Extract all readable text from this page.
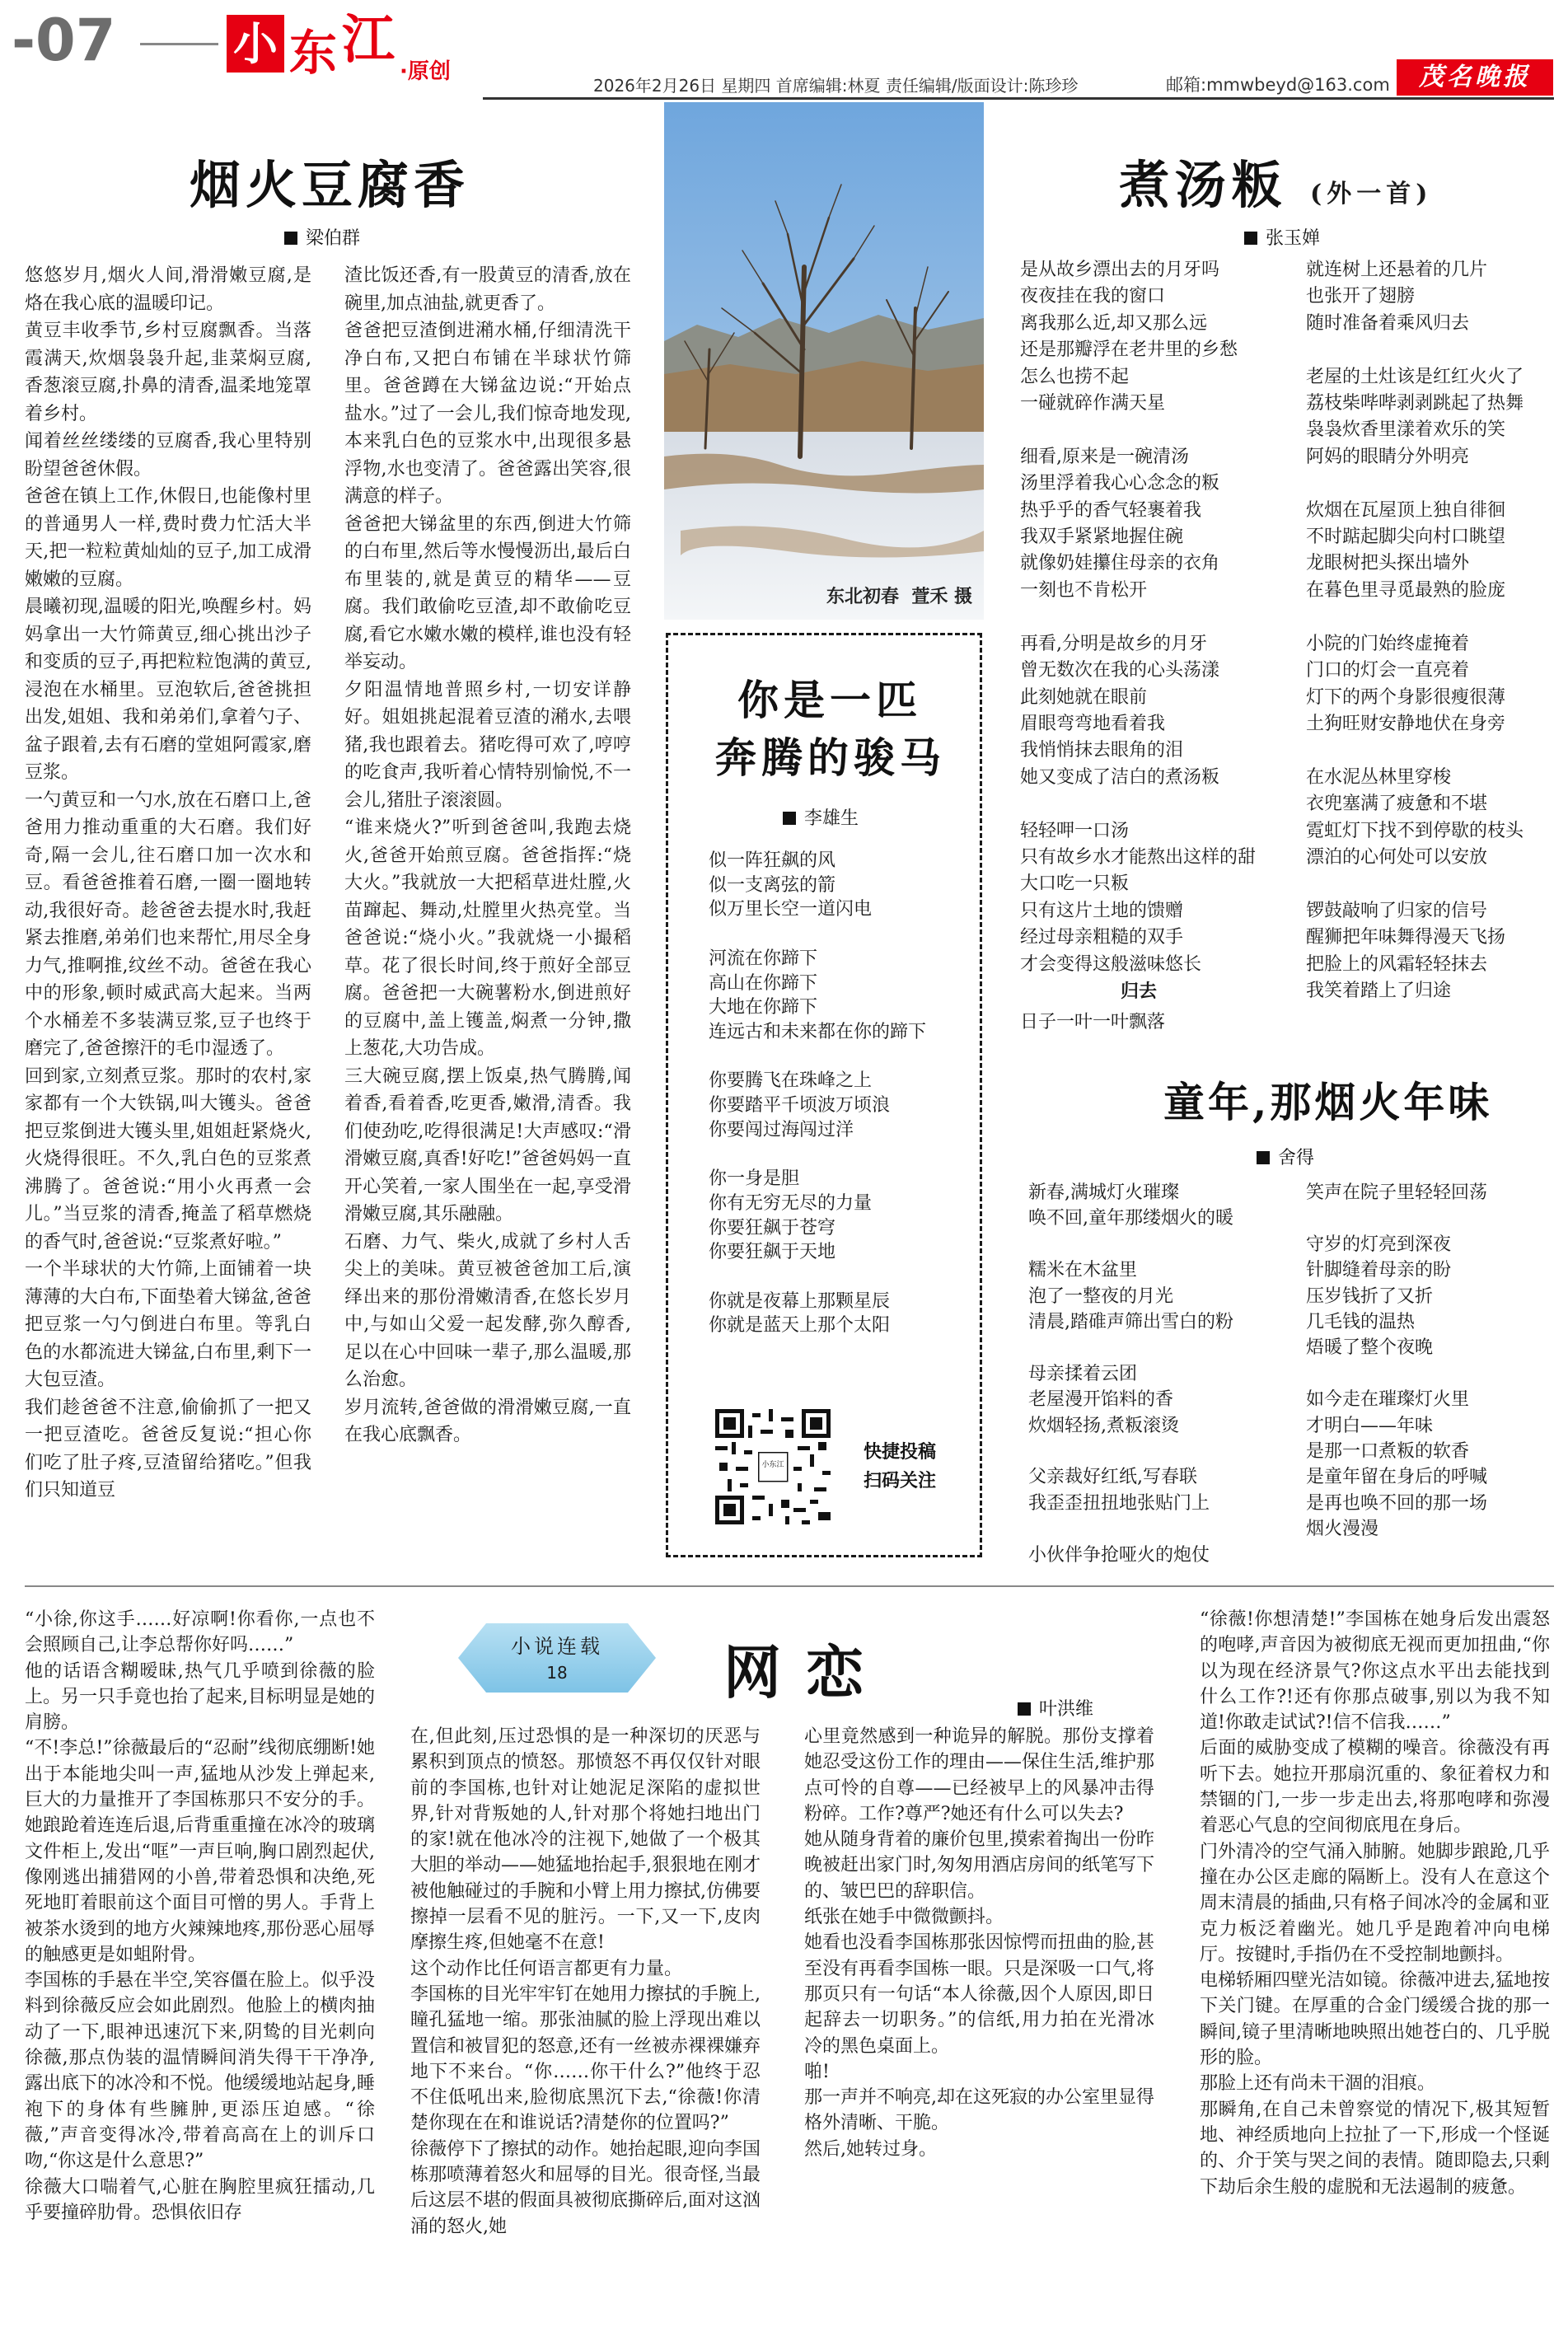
-07	小 东 江
·原创
2026年2月26日 星期四 首席编辑:林夏 责任编辑/版面设计:陈珍珍	邮箱:mmwbeyd@163.com	茂名晚报
烟火豆腐香
梁伯群
悠悠岁月,烟火人间,滑滑嫩豆腐,是烙在我心底的温暖印记。
黄豆丰收季节,乡村豆腐飘香。当落霞满天,炊烟袅袅升起,韭菜焖豆腐,香葱滚豆腐,扑鼻的清香,温柔地笼罩着乡村。
闻着丝丝缕缕的豆腐香,我心里特别盼望爸爸休假。
爸爸在镇上工作,休假日,也能像村里的普通男人一样,费时费力忙活大半天,把一粒粒黄灿灿的豆子,加工成滑嫩嫩的豆腐。
晨曦初现,温暖的阳光,唤醒乡村。妈妈拿出一大竹筛黄豆,细心挑出沙子和变质的豆子,再把粒粒饱满的黄豆,浸泡在水桶里。豆泡软后,爸爸挑担出发,姐姐、我和弟弟们,拿着勺子、盆子跟着,去有石磨的堂姐阿霞家,磨豆浆。
一勺黄豆和一勺水,放在石磨口上,爸爸用力推动重重的大石磨。我们好奇,隔一会儿,往石磨口加一次水和豆。看爸爸推着石磨,一圈一圈地转动,我很好奇。趁爸爸去提水时,我赶紧去推磨,弟弟们也来帮忙,用尽全身力气,推啊推,纹丝不动。爸爸在我心中的形象,顿时威武高大起来。当两个水桶差不多装满豆浆,豆子也终于磨完了,爸爸擦汗的毛巾湿透了。
回到家,立刻煮豆浆。那时的农村,家家都有一个大铁锅,叫大镬头。爸爸把豆浆倒进大镬头里,姐姐赶紧烧火,火烧得很旺。不久,乳白色的豆浆煮沸腾了。爸爸说:“用小火再煮一会儿。”当豆浆的清香,掩盖了稻草燃烧的香气时,爸爸说:“豆浆煮好啦。”
一个半球状的大竹筛,上面铺着一块薄薄的大白布,下面垫着大锑盆,爸爸把豆浆一勺勺倒进白布里。等乳白色的水都流进大锑盆,白布里,剩下一大包豆渣。
我们趁爸爸不注意,偷偷抓了一把又一把豆渣吃。爸爸反复说:“担心你们吃了肚子疼,豆渣留给猪吃。”但我们只知道豆
渣比饭还香,有一股黄豆的清香,放在碗里,加点油盐,就更香了。
爸爸把豆渣倒进潲水桶,仔细清洗干净白布,又把白布铺在半球状竹筛里。爸爸蹲在大锑盆边说:“开始点盐水。”过了一会儿,我们惊奇地发现,本来乳白色的豆浆水中,出现很多悬浮物,水也变清了。爸爸露出笑容,很满意的样子。
爸爸把大锑盆里的东西,倒进大竹筛的白布里,然后等水慢慢沥出,最后白布里装的,就是黄豆的精华——豆腐。我们敢偷吃豆渣,却不敢偷吃豆腐,看它水嫩水嫩的模样,谁也没有轻举妄动。
夕阳温情地普照乡村,一切安详静好。姐姐挑起混着豆渣的潲水,去喂猪,我也跟着去。猪吃得可欢了,哼哼的吃食声,我听着心情特别愉悦,不一会儿,猪肚子滚滚圆。
“谁来烧火?”听到爸爸叫,我跑去烧火,爸爸开始煎豆腐。爸爸指挥:“烧大火。”我就放一大把稻草进灶膛,火苗蹿起、舞动,灶膛里火热亮堂。当爸爸说:“烧小火。”我就烧一小撮稻草。花了很长时间,终于煎好全部豆腐。爸爸把一大碗薯粉水,倒进煎好的豆腐中,盖上镬盖,焖煮一分钟,撒上葱花,大功告成。
三大碗豆腐,摆上饭桌,热气腾腾,闻着香,看着香,吃更香,嫩滑,清香。我们使劲吃,吃得很满足!大声感叹:“滑滑嫩豆腐,真香!好吃!”爸爸妈妈一直开心笑着,一家人围坐在一起,享受滑滑嫩豆腐,其乐融融。
石磨、力气、柴火,成就了乡村人舌尖上的美味。黄豆被爸爸加工后,演绎出来的那份滑嫩清香,在悠长岁月中,与如山父爱一起发酵,弥久醇香,足以在心中回味一辈子,那么温暖,那么治愈。
岁月流转,爸爸做的滑滑嫩豆腐,一直在我心底飘香。
东北初春  萱禾 摄
你是一匹
奔腾的骏马
李雄生
似一阵狂飙的风
似一支离弦的箭
似万里长空一道闪电

河流在你蹄下
高山在你蹄下
大地在你蹄下
连远古和未来都在你的蹄下

你要腾飞在珠峰之上
你要踏平千顷波万顷浪
你要闯过海闯过洋

你一身是胆
你有无穷无尽的力量
你要狂飙于苍穹
你要狂飙于天地

你就是夜幕上那颗星辰
你就是蓝天上那个太阳
小东江
快捷投稿
扫码关注
煮汤粄 (外一首)
张玉婵
是从故乡漂出去的月牙吗
夜夜挂在我的窗口
离我那么近,却又那么远
还是那瓣浮在老井里的乡愁
怎么也捞不起
一碰就碎作满天星

细看,原来是一碗清汤
汤里浮着我心心念念的粄
热乎乎的香气轻裹着我
我双手紧紧地握住碗
就像奶娃攥住母亲的衣角
一刻也不肯松开

再看,分明是故乡的月牙
曾无数次在我的心头荡漾
此刻她就在眼前
眉眼弯弯地看着我
我悄悄抹去眼角的泪
她又变成了洁白的煮汤粄

轻轻呷一口汤
只有故乡水才能熬出这样的甜
大口吃一只粄
只有这片土地的馈赠
经过母亲粗糙的双手
才会变得这般滋味悠长
归去
日子一叶一叶飘落
就连树上还悬着的几片
也张开了翅膀
随时准备着乘风归去

老屋的土灶该是红红火火了
荔枝柴哔哔剥剥跳起了热舞
袅袅炊香里漾着欢乐的笑
阿妈的眼睛分外明亮

炊烟在瓦屋顶上独自徘徊
不时踮起脚尖向村口眺望
龙眼树把头探出墙外
在暮色里寻觅最熟的脸庞

小院的门始终虚掩着
门口的灯会一直亮着
灯下的两个身影很瘦很薄
土狗旺财安静地伏在身旁

在水泥丛林里穿梭
衣兜塞满了疲惫和不堪
霓虹灯下找不到停歇的枝头
漂泊的心何处可以安放

锣鼓敲响了归家的信号
醒狮把年味舞得漫天飞扬
把脸上的风霜轻轻抹去
我笑着踏上了归途
童年,那烟火年味
舍得
新春,满城灯火璀璨
唤不回,童年那缕烟火的暖

糯米在木盆里
泡了一整夜的月光
清晨,踏碓声筛出雪白的粉

母亲揉着云团
老屋漫开馅料的香
炊烟轻扬,煮粄滚烫

父亲裁好红纸,写春联
我歪歪扭扭地张贴门上

小伙伴争抢哑火的炮仗
笑声在院子里轻轻回荡

守岁的灯亮到深夜
针脚缝着母亲的盼
压岁钱折了又折
几毛钱的温热
焐暖了整个夜晚

如今走在璀璨灯火里
才明白——年味
是那一口煮粄的软香
是童年留在身后的呼喊
是再也唤不回的那一场
烟火漫漫
小说连载
18	网恋
叶洪维
“小徐,你这手……好凉啊!你看你,一点也不会照顾自己,让李总帮你好吗……”
他的话语含糊暧昧,热气几乎喷到徐薇的脸上。另一只手竟也抬了起来,目标明显是她的肩膀。
“不!李总!”徐薇最后的“忍耐”线彻底绷断!她出于本能地尖叫一声,猛地从沙发上弹起来,巨大的力量推开了李国栋那只不安分的手。她踉跄着连连后退,后背重重撞在冰冷的玻璃文件柜上,发出“哐”一声巨响,胸口剧烈起伏,像刚逃出捕猎网的小兽,带着恐惧和决绝,死死地盯着眼前这个面目可憎的男人。手背上被茶水烫到的地方火辣辣地疼,那份恶心屈辱的触感更是如蛆附骨。
李国栋的手悬在半空,笑容僵在脸上。似乎没料到徐薇反应会如此剧烈。他脸上的横肉抽动了一下,眼神迅速沉下来,阴鸷的目光刺向徐薇,那点伪装的温情瞬间消失得干干净净,露出底下的冰冷和不悦。他缓缓地站起身,睡袍下的身体有些臃肿,更添压迫感。“徐薇,”声音变得冰冷,带着高高在上的训斥口吻,“你这是什么意思?”
徐薇大口喘着气,心脏在胸腔里疯狂擂动,几乎要撞碎肋骨。恐惧依旧存
在,但此刻,压过恐惧的是一种深切的厌恶与累积到顶点的愤怒。那愤怒不再仅仅针对眼前的李国栋,也针对让她泥足深陷的虚拟世界,针对背叛她的人,针对那个将她扫地出门的家!就在他冰冷的注视下,她做了一个极其大胆的举动——她猛地抬起手,狠狠地在刚才被他触碰过的手腕和小臂上用力擦拭,仿佛要擦掉一层看不见的脏污。一下,又一下,皮肉摩擦生疼,但她毫不在意!
这个动作比任何语言都更有力量。
李国栋的目光牢牢钉在她用力擦拭的手腕上,瞳孔猛地一缩。那张油腻的脸上浮现出难以置信和被冒犯的怒意,还有一丝被赤裸裸嫌弃地下不来台。“你……你干什么?”他终于忍不住低吼出来,脸彻底黑沉下去,“徐薇!你清楚你现在在和谁说话?清楚你的位置吗?”
徐薇停下了擦拭的动作。她抬起眼,迎向李国栋那喷薄着怒火和屈辱的目光。很奇怪,当最后这层不堪的假面具被彻底撕碎后,面对这汹涌的怒火,她
心里竟然感到一种诡异的解脱。那份支撑着她忍受这份工作的理由——保住生活,维护那点可怜的自尊——已经被早上的风暴冲击得粉碎。工作?尊严?她还有什么可以失去?
她从随身背着的廉价包里,摸索着掏出一份昨晚被赶出家门时,匆匆用酒店房间的纸笔写下的、皱巴巴的辞职信。
纸张在她手中微微颤抖。
她看也没看李国栋那张因惊愕而扭曲的脸,甚至没有再看李国栋一眼。只是深吸一口气,将那页只有一句话“本人徐薇,因个人原因,即日起辞去一切职务。”的信纸,用力拍在光滑冰冷的黑色桌面上。
啪!
那一声并不响亮,却在这死寂的办公室里显得格外清晰、干脆。
然后,她转过身。
“徐薇!你想清楚!”李国栋在她身后发出震怒的咆哮,声音因为被彻底无视而更加扭曲,“你以为现在经济景气?你这点水平出去能找到什么工作?!还有你那点破事,别以为我不知道!你敢走试试?!信不信我……”
后面的威胁变成了模糊的噪音。徐薇没有再听下去。她拉开那扇沉重的、象征着权力和禁锢的门,一步一步走出去,将那咆哮和弥漫着恶心气息的空间彻底甩在身后。
门外清冷的空气涌入肺腑。她脚步踉跄,几乎撞在办公区走廊的隔断上。没有人在意这个周末清晨的插曲,只有格子间冰冷的金属和亚克力板泛着幽光。她几乎是跑着冲向电梯厅。按键时,手指仍在不受控制地颤抖。
电梯轿厢四壁光洁如镜。徐薇冲进去,猛地按下关门键。在厚重的合金门缓缓合拢的那一瞬间,镜子里清晰地映照出她苍白的、几乎脱形的脸。
那脸上还有尚未干涸的泪痕。
那瞬角,在自己未曾察觉的情况下,极其短暂地、神经质地向上拉扯了一下,形成一个怪诞的、介于笑与哭之间的表情。随即隐去,只剩下劫后余生般的虚脱和无法遏制的疲惫。
